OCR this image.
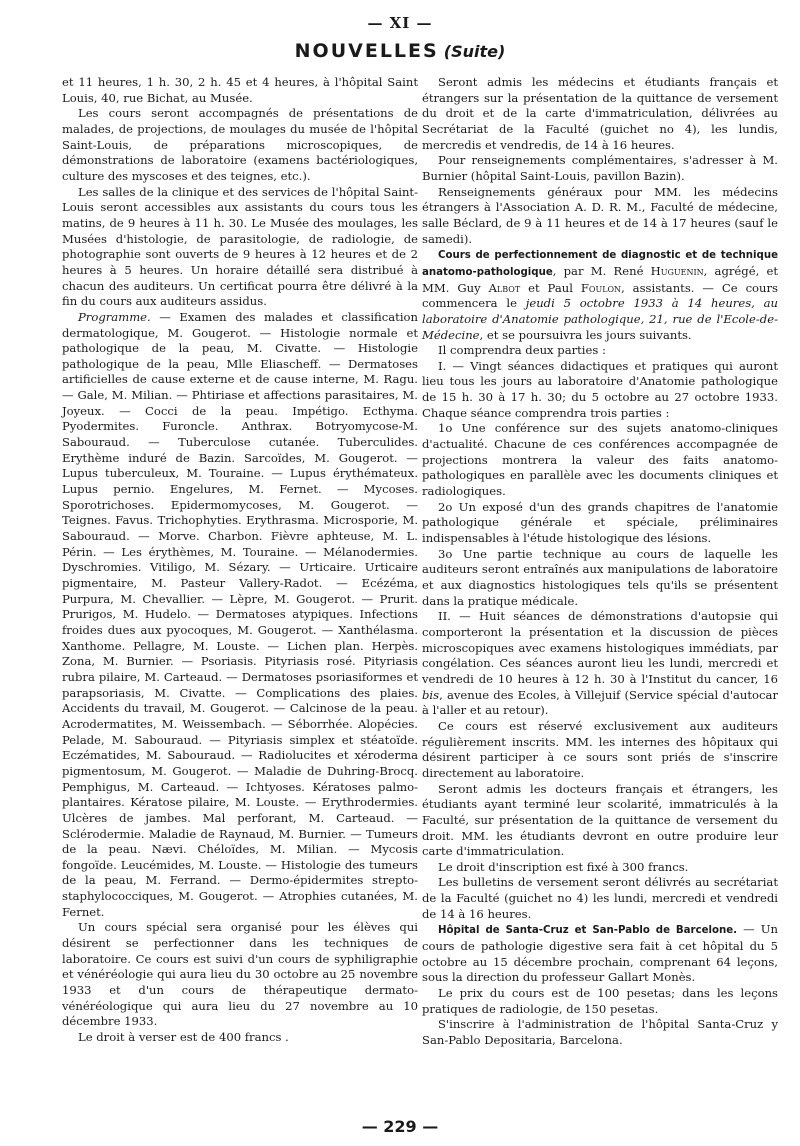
— XI —
NOUVELLES (Suite)

et 11 heures, 1 h. 30, 2 h. 45 et 4 heures, à l'hôpital Saint Louis, 40, rue Bichat, au Musée.

Les cours seront accompagnés de présentations de malades, de projections, de moulages du musée de l'hôpital Saint-Louis, de préparations microscopiques, de démonstrations de laboratoire (examens bactériologiques, culture des myscoses et des teignes, etc.).

Les salles de la clinique et des services de l'hôpital Saint-Louis seront accessibles aux assistants du cours tous les matins, de 9 heures à 11 h. 30. Le Musée des moulages, les Musées d'histologie, de parasitologie, de radiologie, de photographie sont ouverts de 9 heures à 12 heures et de 2 heures à 5 heures. Un horaire détaillé sera distribué à chacun des auditeurs. Un certificat pourra être délivré à la fin du cours aux auditeurs assidus.

Programme. — Examen des malades et classification dermatologique, M. Gougerot. — Histologie normale et pathologique de la peau, M. Civatte. — Histologie pathologique de la peau, Mlle Eliascheff. — Dermatoses artificielles de cause externe et de cause interne, M. Ragu. — Gale, M. Milian. — Phtiriase et affections parasitaires, M. Joyeux. — Cocci de la peau. Impétigo. Ecthyma. Pyodermites. Furoncle. Anthrax. Botryomycose-M. Sabouraud. — Tuberculose cutanée. Tuberculides. Erythème induré de Bazin. Sarcoïdes, M. Gougerot. — Lupus tuberculeux, M. Touraine. — Lupus érythémateux. Lupus pernio. Engelures, M. Fernet. — Mycoses. Sporotrichoses. Epidermomycoses, M. Gougerot. — Teignes. Favus. Trichophyties. Erythrasma. Microsporie, M. Sabouraud. — Morve. Charbon. Fièvre aphteuse, M. L. Périn. — Les érythèmes, M. Touraine. — Mélanodermies. Dyschromies. Vitiligo, M. Sézary. — Urticaire. Urticaire pigmentaire, M. Pasteur Vallery-Radot. — Ecézéma, Purpura, M. Chevallier. — Lèpre, M. Gougerot. — Prurit. Prurigos, M. Hudelo. — Dermatoses atypiques. Infections froides dues aux pyocoques, M. Gougerot. — Xanthélasma. Xanthome. Pellagre, M. Louste. — Lichen plan. Herpès. Zona, M. Burnier. — Psoriasis. Pityriasis rosé. Pityriasis rubra pilaire, M. Carteaud. — Dermatoses psoriasiformes et parapsoriasis, M. Civatte. — Complications des plaies. Accidents du travail, M. Gougerot. — Calcinose de la peau. Acrodermatites, M. Weissembach. — Séborrhée. Alopécies. Pelade, M. Sabouraud. — Pityriasis simplex et stéatoïde. Eczématides, M. Sabouraud. — Radiolucites et xérodermа pigmentosum, M. Gougerot. — Maladie de Duhring-Brocq. Pemphigus, M. Carteaud. — Ichtyoses. Kératoses palmo-plantaires. Kératose pilaire, M. Louste. — Erythrodermies. Ulcères de jambes. Mal perforant, M. Carteaud. — Sclérodermie. Maladie de Raynaud, M. Burnier. — Tumeurs de la peau. Nævi. Chéloïdes, M. Milian. — Mycosis fongoïde. Leucémides, M. Louste. — Histologie des tumeurs de la peau, M. Ferrand. — Dermo-épidermites strepto-staphylococciques, M. Gougerot. — Atrophies cutanées, M. Fernet.

Un cours spécial sera organisé pour les élèves qui désirent se perfectionner dans les techniques de laboratoire. Ce cours est suivi d'un cours de syphiligraphie et vénéréologie qui aura lieu du 30 octobre au 25 novembre 1933 et d'un cours de thérapeutique dermato-vénéréologique qui aura lieu du 27 novembre au 10 décembre 1933.

Le droit à verser est de 400 francs .

Seront admis les médecins et étudiants français et étrangers sur la présentation de la quittance de versement du droit et de la carte d'immatriculation, délivrées au Secrétariat de la Faculté (guichet no 4), les lundis, mercredis et vendredis, de 14 à 16 heures.

Pour renseignements complémentaires, s'adresser à M. Burnier (hôpital Saint-Louis, pavillon Bazin).

Renseignements généraux pour MM. les médecins étrangers à l'Association A. D. R. M., Faculté de médecine, salle Béclard, de 9 à 11 heures et de 14 à 17 heures (sauf le samedi).

Cours de perfectionnement de diagnostic et de technique anatomo-pathologique, par M. René Huguenin, agrégé, et MM. Guy Albot et Paul Foulon, assistants. — Ce cours commencera le jeudi 5 octobre 1933 à 14 heures, au laboratoire d'Anatomie pathologique, 21, rue de l'Ecole-de-Médecine, et se poursuivra les jours suivants.

Il comprendra deux parties :

I. — Vingt séances didactiques et pratiques qui auront lieu tous les jours au laboratoire d'Anatomie pathologique de 15 h. 30 à 17 h. 30; du 5 octobre au 27 octobre 1933. Chaque séance comprendra trois parties :

1o Une conférence sur des sujets anatomo-cliniques d'actualité. Chacune de ces conférences accompagnée de projections montrera la valeur des faits anatomo-pathologiques en parallèle avec les documents cliniques et radiologiques.

2o Un exposé d'un des grands chapitres de l'anatomie pathologique générale et spéciale, préliminaires indispensables à l'étude histologique des lésions.

3o Une partie technique au cours de laquelle les auditeurs seront entraînés aux manipulations de laboratoire et aux diagnostics histologiques tels qu'ils se présentent dans la pratique médicale.

II. — Huit séances de démonstrations d'autopsie qui comporteront la présentation et la discussion de pièces microscopiques avec examens histologiques immédiats, par congélation. Ces séances auront lieu les lundi, mercredi et vendredi de 10 heures à 12 h. 30 à l'Institut du cancer, 16 bis, avenue des Ecoles, à Villejuif (Service spécial d'autocar à l'aller et au retour).

Ce cours est réservé exclusivement aux auditeurs régulièrement inscrits. MM. les internes des hôpitaux qui désirent participer à ce sours sont priés de s'inscrire directement au laboratoire.

Seront admis les docteurs français et étrangers, les étudiants ayant terminé leur scolarité, immatriculés à la Faculté, sur présentation de la quittance de versement du droit. MM. les étudiants devront en outre produire leur carte d'immatriculation.

Le droit d'inscription est fixé à 300 francs.

Les bulletins de versement seront délivrés au secrétariat de la Faculté (guichet no 4) les lundi, mercredi et vendredi de 14 à 16 heures.

Hôpital de Santa-Cruz et San-Pablo de Barcelone. — Un cours de pathologie digestive sera fait à cet hôpital du 5 octobre au 15 décembre prochain, comprenant 64 leçons, sous la direction du professeur Gallart Monès.

Le prix du cours est de 100 pesetas; dans les leçons pratiques de radiologie, de 150 pesetas.

S'inscrire à l'administration de l'hôpital Santa-Cruz y San-Pablo Depositaria, Barcelona.

— 229 —
